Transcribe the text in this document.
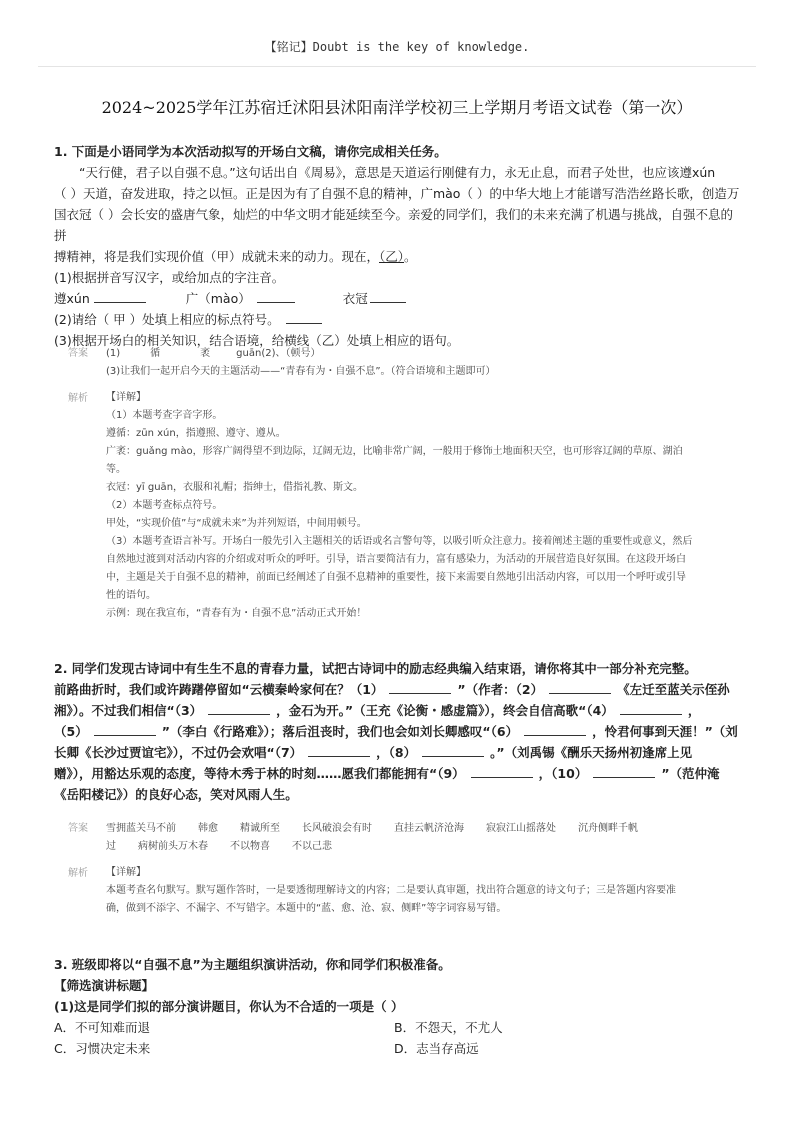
【铭记】Doubt is the key of knowledge.
2024~2025学年江苏宿迁沭阳县沭阳南洋学校初三上学期月考语文试卷（第一次）

1. 下面是小语同学为本次活动拟写的开场白文稿，请你完成相关任务。

“天行健，君子以自强不息。”这句话出自《周易》，意思是天道运行刚健有力，永无止息，而君子处世，也应该遵xún

（ ）天道，奋发进取，持之以恒。正是因为有了自强不息的精神，广mào（ ）的中华大地上才能谱写浩浩丝路长歌，创造万

国衣冠（ ）会长安的盛唐气象，灿烂的中华文明才能延续至今。亲爱的同学们，我们的未来充满了机遇与挑战，自强不息的拼

搏精神，将是我们实现价值（甲）成就未来的动力。现在，（乙）。

(1)根据拼音写汉字，或给加点的字注音。

遵xún	广（mào）	衣冠
(2)请给（ 甲 ）处填上相应的标点符号。

(3)根据开场白的相关知识，结合语境，给横线（乙）处填上相应的语句。

答案 (1)	循	袤	guān(2)、（顿号）

(3)让我们一起开启今天的主题活动——“青春有为・自强不息”。（符合语境和主题即可）

解析 【详解】

（1）本题考查字音字形。

遵循：zūn xún，指遵照、遵守、遵从。

广袤：guǎng mào，形容广阔得望不到边际，辽阔无边，比喻非常广阔，一般用于修饰土地面积天空，也可形容辽阔的草原、湖泊

等。

衣冠：yī guān，衣服和礼帽；指绅士，借指礼教、斯文。

（2）本题考查标点符号。

甲处，“实现价值”与“成就未来”为并列短语，中间用顿号。

（3）本题考查语言补写。开场白一般先引入主题相关的话语或名言警句等，以吸引听众注意力。接着阐述主题的重要性或意义，然后

自然地过渡到对活动内容的介绍或对听众的呼吁。引导，语言要简洁有力，富有感染力，为活动的开展营造良好氛围。在这段开场白

中，主题是关于自强不息的精神，前面已经阐述了自强不息精神的重要性，接下来需要自然地引出活动内容，可以用一个呼吁或引导

性的语句。

示例：现在我宣布，“青春有为・自强不息”活动正式开始！

2. 同学们发现古诗词中有生生不息的青春力量，试把古诗词中的励志经典编入结束语，请你将其中一部分补充完整。

前路曲折时，我们或许踌躇停留如“云横秦岭家何在？（1）	”（作者：（2）	《左迁至蓝关示侄孙
湘》）。不过我们相信“（3）	，金石为开。”（王充《论衡・感虚篇》），终会自信高歌“（4）	，
（5）	”（李白《行路难》）；落后沮丧时，我们也会如刘长卿感叹“（6）	，怜君何事到天涯！”（刘
长卿《长沙过贾谊宅》），不过仍会欢唱“（7）	，（8）	。”（刘禹锡《酬乐天扬州初逢席上见
赠》），用豁达乐观的态度，等待木秀于林的时刻……愿我们都能拥有“（9）	，（10）	”（范仲淹

《岳阳楼记》）的良好心态，笑对风雨人生。

答案 雪拥蓝关马不前 韩愈 精诚所至 长风破浪会有时 直挂云帆济沧海 寂寂江山摇落处 沉舟侧畔千帆
过 病树前头万木春 不以物喜 不以己悲
解析 【详解】

本题考查名句默写。默写题作答时，一是要透彻理解诗文的内容；二是要认真审题，找出符合题意的诗文句子；三是答题内容要准

确，做到不添字、不漏字、不写错字。本题中的“蓝、愈、沧、寂、侧畔”等字词容易写错。

3. 班级即将以“自强不息”为主题组织演讲活动，你和同学们积极准备。

【筛选演讲标题】

(1)这是同学们拟的部分演讲题目，你认为不合适的一项是（ ）

A．不可知难而退	B．不怨天，不尤人
C．习惯决定未来	D．志当存高远
